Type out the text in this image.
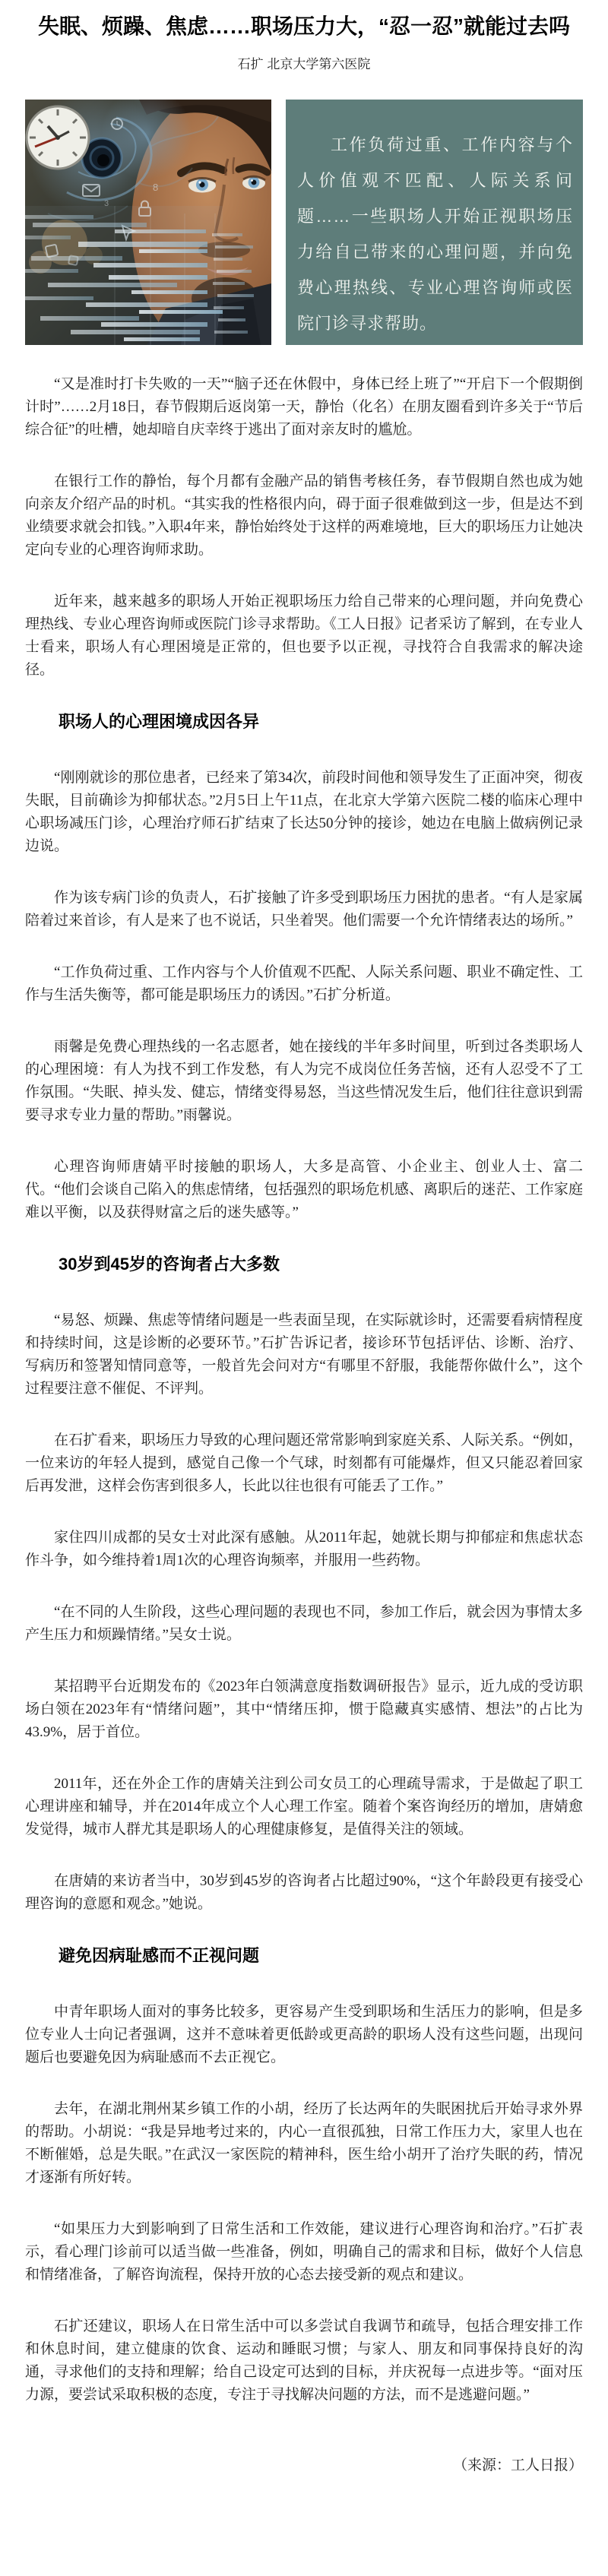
失眠、烦躁、焦虑……职场压力大，“忍一忍”就能过去吗
石扩 北京大学第六医院
8
3

工作负荷过重、工作内容与个人价值观不匹配、人际关系问题……一些职场人开始正视职场压力给自己带来的心理问题，并向免费心理热线、专业心理咨询师或医院门诊寻求帮助。

“又是准时打卡失败的一天”“脑子还在休假中，身体已经上班了”“开启下一个假期倒计时”……2月18日，春节假期后返岗第一天，静怡（化名）在朋友圈看到许多关于“节后综合征”的吐槽，她却暗自庆幸终于逃出了面对亲友时的尴尬。

在银行工作的静怡，每个月都有金融产品的销售考核任务，春节假期自然也成为她向亲友介绍产品的时机。“其实我的性格很内向，碍于面子很难做到这一步，但是达不到业绩要求就会扣钱。”入职4年来，静怡始终处于这样的两难境地，巨大的职场压力让她决定向专业的心理咨询师求助。

近年来，越来越多的职场人开始正视职场压力给自己带来的心理问题，并向免费心理热线、专业心理咨询师或医院门诊寻求帮助。《工人日报》记者采访了解到，在专业人士看来，职场人有心理困境是正常的，但也要予以正视，寻找符合自我需求的解决途径。

职场人的心理困境成因各异

“刚刚就诊的那位患者，已经来了第34次，前段时间他和领导发生了正面冲突，彻夜失眠，目前确诊为抑郁状态。”2月5日上午11点，在北京大学第六医院二楼的临床心理中心职场减压门诊，心理治疗师石扩结束了长达50分钟的接诊，她边在电脑上做病例记录边说。

作为该专病门诊的负责人，石扩接触了许多受到职场压力困扰的患者。“有人是家属陪着过来首诊，有人是来了也不说话，只坐着哭。他们需要一个允许情绪表达的场所。”

“工作负荷过重、工作内容与个人价值观不匹配、人际关系问题、职业不确定性、工作与生活失衡等，都可能是职场压力的诱因。”石扩分析道。

雨馨是免费心理热线的一名志愿者，她在接线的半年多时间里，听到过各类职场人的心理困境：有人为找不到工作发愁，有人为完不成岗位任务苦恼，还有人忍受不了工作氛围。“失眠、掉头发、健忘，情绪变得易怒，当这些情况发生后，他们往往意识到需要寻求专业力量的帮助。”雨馨说。

心理咨询师唐婧平时接触的职场人，大多是高管、小企业主、创业人士、富二代。“他们会谈自己陷入的焦虑情绪，包括强烈的职场危机感、离职后的迷茫、工作家庭难以平衡，以及获得财富之后的迷失感等。”

30岁到45岁的咨询者占大多数

“易怒、烦躁、焦虑等情绪问题是一些表面呈现，在实际就诊时，还需要看病情程度和持续时间，这是诊断的必要环节。”石扩告诉记者，接诊环节包括评估、诊断、治疗、写病历和签署知情同意等，一般首先会问对方“有哪里不舒服，我能帮你做什么”，这个过程要注意不催促、不评判。

在石扩看来，职场压力导致的心理问题还常常影响到家庭关系、人际关系。“例如，一位来访的年轻人提到，感觉自己像一个气球，时刻都有可能爆炸，但又只能忍着回家后再发泄，这样会伤害到很多人，长此以往也很有可能丢了工作。”

家住四川成都的吴女士对此深有感触。从2011年起，她就长期与抑郁症和焦虑状态作斗争，如今维持着1周1次的心理咨询频率，并服用一些药物。

“在不同的人生阶段，这些心理问题的表现也不同，参加工作后，就会因为事情太多产生压力和烦躁情绪。”吴女士说。

某招聘平台近期发布的《2023年白领满意度指数调研报告》显示，近九成的受访职场白领在2023年有“情绪问题”，其中“情绪压抑，惯于隐藏真实感情、想法”的占比为43.9%，居于首位。

2011年，还在外企工作的唐婧关注到公司女员工的心理疏导需求，于是做起了职工心理讲座和辅导，并在2014年成立个人心理工作室。随着个案咨询经历的增加，唐婧愈发觉得，城市人群尤其是职场人的心理健康修复，是值得关注的领域。

在唐婧的来访者当中，30岁到45岁的咨询者占比超过90%，“这个年龄段更有接受心理咨询的意愿和观念。”她说。

避免因病耻感而不正视问题

中青年职场人面对的事务比较多，更容易产生受到职场和生活压力的影响，但是多位专业人士向记者强调，这并不意味着更低龄或更高龄的职场人没有这些问题，出现问题后也要避免因为病耻感而不去正视它。

去年，在湖北荆州某乡镇工作的小胡，经历了长达两年的失眠困扰后开始寻求外界的帮助。小胡说：“我是异地考过来的，内心一直很孤独，日常工作压力大，家里人也在不断催婚，总是失眠。”在武汉一家医院的精神科，医生给小胡开了治疗失眠的药，情况才逐渐有所好转。

“如果压力大到影响到了日常生活和工作效能，建议进行心理咨询和治疗。”石扩表示，看心理门诊前可以适当做一些准备，例如，明确自己的需求和目标，做好个人信息和情绪准备，了解咨询流程，保持开放的心态去接受新的观点和建议。

石扩还建议，职场人在日常生活中可以多尝试自我调节和疏导，包括合理安排工作和休息时间，建立健康的饮食、运动和睡眠习惯；与家人、朋友和同事保持良好的沟通，寻求他们的支持和理解；给自己设定可达到的目标，并庆祝每一点进步等。“面对压力源，要尝试采取积极的态度，专注于寻找解决问题的方法，而不是逃避问题。”

（来源：工人日报）
